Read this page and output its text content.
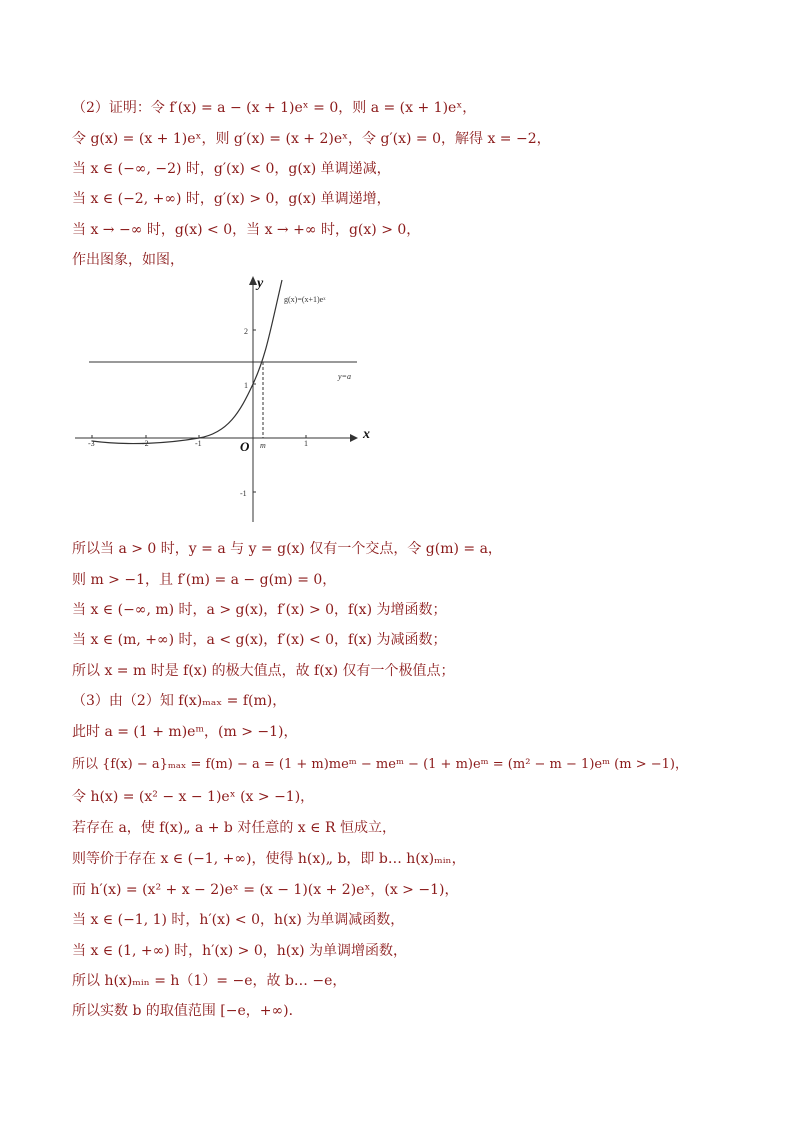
（2）证明：令 f′(x) = a − (x + 1)eˣ = 0，则 a = (x + 1)eˣ，
令 g(x) = (x + 1)eˣ，则 g′(x) = (x + 2)eˣ，令 g′(x) = 0，解得 x = −2，
当 x ∈ (−∞, −2) 时，g′(x) < 0，g(x) 单调递减，
当 x ∈ (−2, +∞) 时，g′(x) > 0，g(x) 单调递增，
当 x → −∞ 时，g(x) < 0，当 x → +∞ 时，g(x) > 0，
作出图象，如图，
-3	-2	-1	1
2
1
-1
x
y
O
y=a
m
g(x)=(x+1)eˣ
所以当 a > 0 时，y = a 与 y = g(x) 仅有一个交点，令 g(m) = a，
则 m > −1，且 f′(m) = a − g(m) = 0，
当 x ∈ (−∞, m) 时，a > g(x)，f′(x) > 0，f(x) 为增函数；
当 x ∈ (m, +∞) 时，a < g(x)，f′(x) < 0，f(x) 为减函数；
所以 x = m 时是 f(x) 的极大值点，故 f(x) 仅有一个极值点；
（3）由（2）知 f(x)ₘₐₓ = f(m)，
此时 a = (1 + m)eᵐ，(m > −1)，
所以 {f(x) − a}ₘₐₓ = f(m) − a = (1 + m)meᵐ − meᵐ − (1 + m)eᵐ = (m² − m − 1)eᵐ (m > −1)，
令 h(x) = (x² − x − 1)eˣ (x > −1)，
若存在 a，使 f(x)„ a + b 对任意的 x ∈ R 恒成立，
则等价于存在 x ∈ (−1, +∞)，使得 h(x)„ b，即 b… h(x)ₘᵢₙ，
而 h′(x) = (x² + x − 2)eˣ = (x − 1)(x + 2)eˣ，(x > −1)，
当 x ∈ (−1, 1) 时，h′(x) < 0，h(x) 为单调减函数，
当 x ∈ (1, +∞) 时，h′(x) > 0，h(x) 为单调增函数，
所以 h(x)ₘᵢₙ = h（1）= −e，故 b… −e，
所以实数 b 的取值范围 [−e，+∞)．
